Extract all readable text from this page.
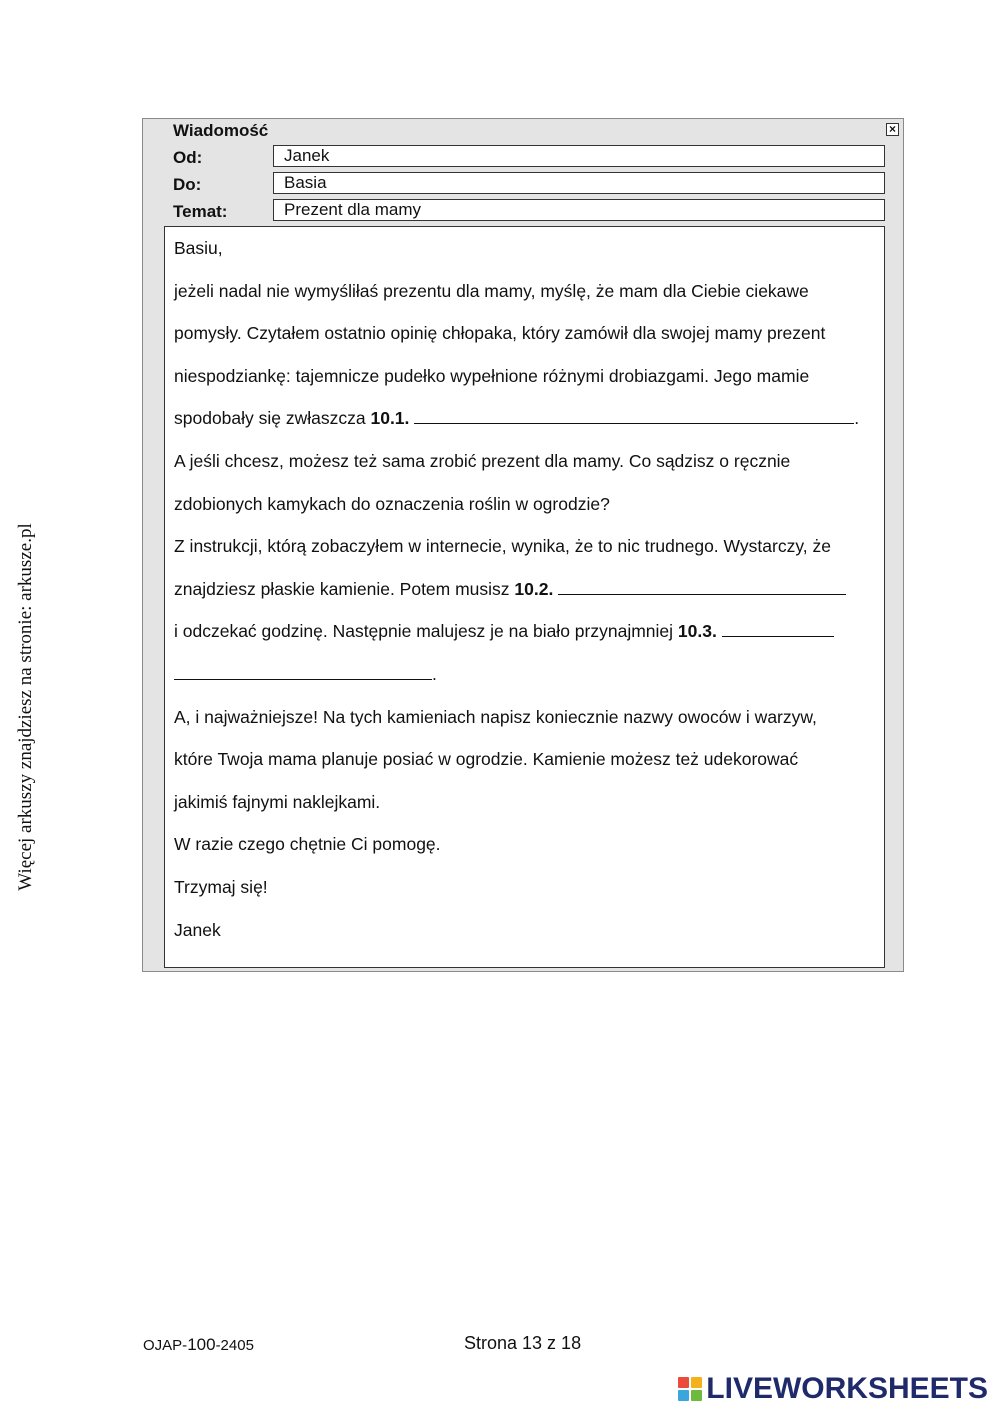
Więcej arkuszy znajdziesz na stronie: arkusze.pl
Wiadomość	×
Od:	Janek
Do:	Basia
Temat:	Prezent dla mamy
Basiu,
jeżeli nadal nie wymyśliłaś prezentu dla mamy, myślę, że mam dla Ciebie ciekawe
pomysły. Czytałem ostatnio opinię chłopaka, który zamówił dla swojej mamy prezent
niespodziankę: tajemnicze pudełko wypełnione różnymi drobiazgami. Jego mamie
spodobały się zwłaszcza 10.1.	.
A jeśli chcesz, możesz też sama zrobić prezent dla mamy. Co sądzisz o ręcznie
zdobionych kamykach do oznaczenia roślin w ogrodzie?
Z instrukcji, którą zobaczyłem w internecie, wynika, że to nic trudnego. Wystarczy, że
znajdziesz płaskie kamienie. Potem musisz 10.2.
i odczekać godzinę. Następnie malujesz je na biało przynajmniej 10.3.
.
A, i najważniejsze! Na tych kamieniach napisz koniecznie nazwy owoców i warzyw,
które Twoja mama planuje posiać w ogrodzie. Kamienie możesz też udekorować
jakimiś fajnymi naklejkami.
W razie czego chętnie Ci pomogę.
Trzymaj się!
Janek
OJAP-100-2405	Strona 13 z 18
LIVEWORKSHEETS
